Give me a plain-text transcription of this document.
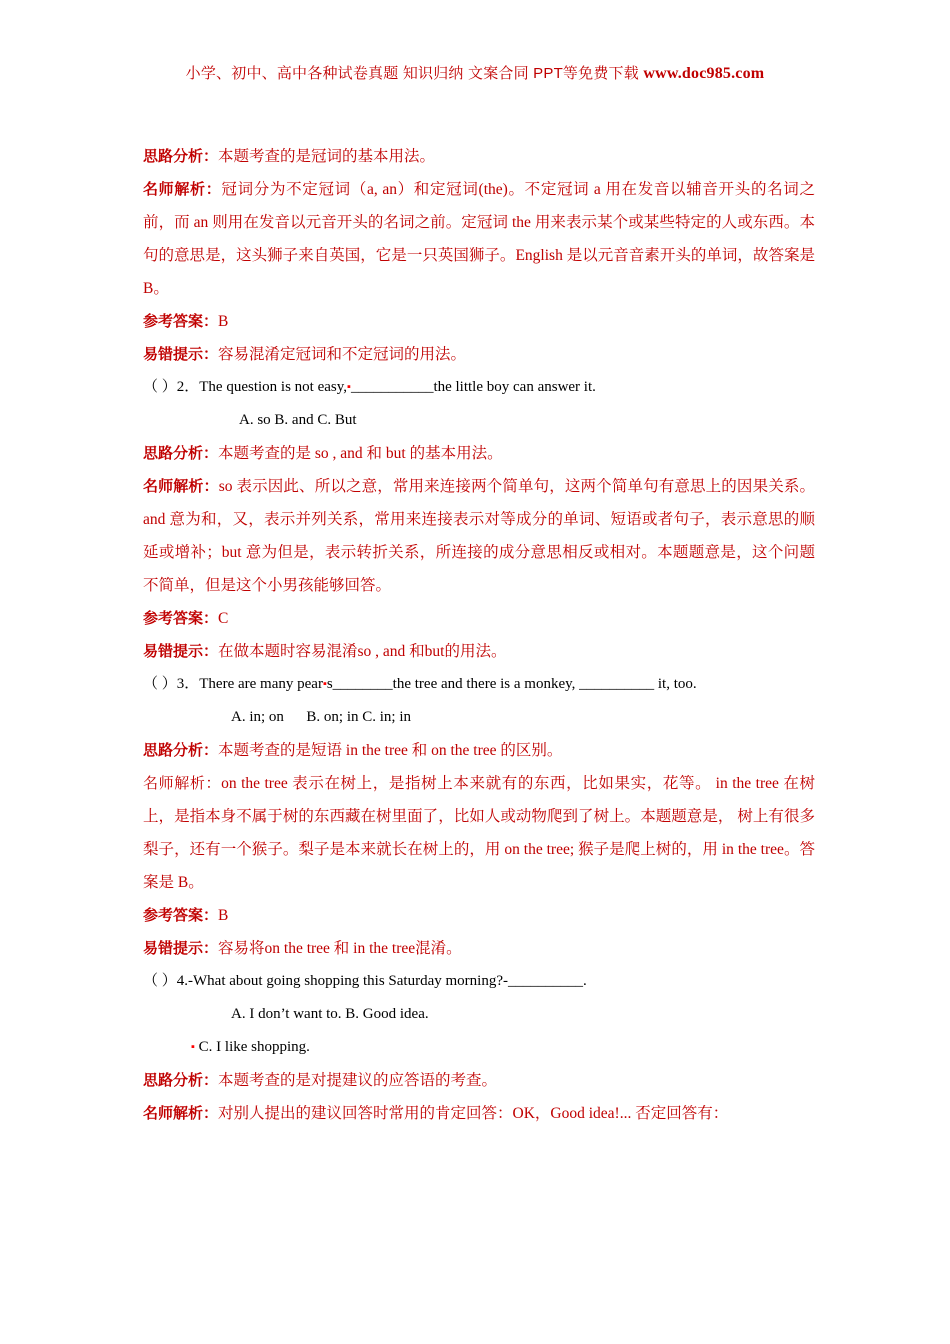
小学、初中、高中各种试卷真题 知识归纳 文案合同 PPT等免费下载 www.doc985.com

思路分析：本题考查的是冠词的基本用法。

名师解析：冠词分为不定冠词（a, an）和定冠词(the)。不定冠词 a 用在发音以辅音开头的名词之前，而 an 则用在发音以元音开头的名词之前。定冠词 the 用来表示某个或某些特定的人或东西。本句的意思是，这头狮子来自英国，它是一只英国狮子。English 是以元音音素开头的单词，故答案是 B。

参考答案：B

易错提示：容易混淆定冠词和不定冠词的用法。

（ ）2．The question is not easy,▪___________the little boy can answer it.

A. so B. and C. But

思路分析：本题考查的是 so , and 和 but 的基本用法。

名师解析：so 表示因此、所以之意，常用来连接两个简单句，这两个简单句有意思上的因果关系。and 意为和，又，表示并列关系，常用来连接表示对等成分的单词、短语或者句子，表示意思的顺延或增补；but 意为但是，表示转折关系，所连接的成分意思相反或相对。本题题意是，这个问题不简单，但是这个小男孩能够回答。

参考答案：C

易错提示：在做本题时容易混淆so , and 和but的用法。

（ ）3．There are many pear▪s________the tree and there is a monkey, __________ it, too.

A. in; on 　 B. on; in C. in; in

思路分析：本题考查的是短语 in the tree 和 on the tree 的区别。

名师解析：on the tree 表示在树上，是指树上本来就有的东西，比如果实，花等。 in the tree 在树上，是指本身不属于树的东西藏在树里面了，比如人或动物爬到了树上。本题题意是， 树上有很多梨子，还有一个猴子。梨子是本来就长在树上的，用 on the tree; 猴子是爬上树的，用 in the tree。答案是 B。

参考答案：B

易错提示：容易将on the tree 和 in the tree混淆。

（ ）4.-What about going shopping this Saturday morning?-__________.

A. I don’t want to. B. Good idea.

▪ C. I like shopping.

思路分析：本题考查的是对提建议的应答语的考查。

名师解析：对别人提出的建议回答时常用的肯定回答：OK，Good idea!... 否定回答有：
